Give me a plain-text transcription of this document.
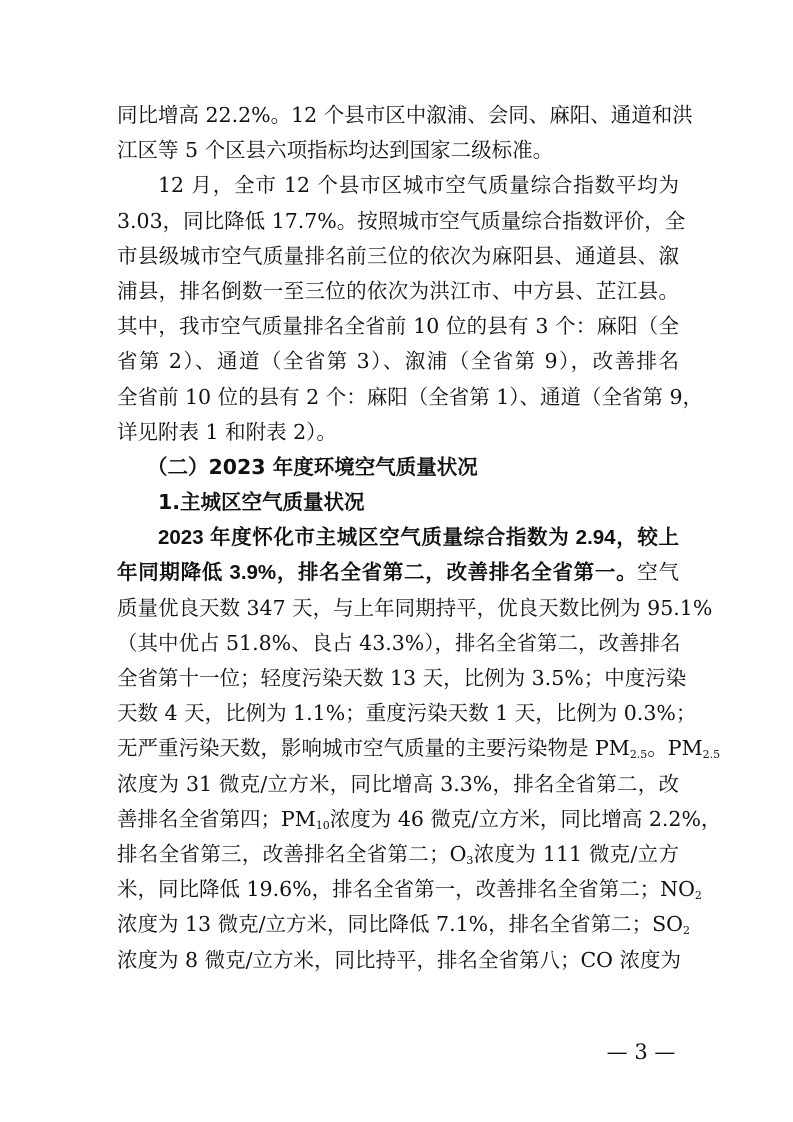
同比增高 22.2%。12 个县市区中溆浦、会同、麻阳、通道和洪
江区等 5 个区县六项指标均达到国家二级标准。
12 月，全市 12 个县市区城市空气质量综合指数平均为
3.03，同比降低 17.7%。按照城市空气质量综合指数评价，全
市县级城市空气质量排名前三位的依次为麻阳县、通道县、溆
浦县，排名倒数一至三位的依次为洪江市、中方县、芷江县。
其中，我市空气质量排名全省前 10 位的县有 3 个：麻阳（全
省第 2）、通道（全省第 3）、溆浦（全省第 9），改善排名
全省前 10 位的县有 2 个：麻阳（全省第 1）、通道（全省第 9，
详见附表 1 和附表 2）。
（二）2023 年度环境空气质量状况
1.主城区空气质量状况
2023 年度怀化市主城区空气质量综合指数为 2.94，较上
年同期降低 3.9%，排名全省第二，改善排名全省第一。空气
质量优良天数 347 天，与上年同期持平，优良天数比例为 95.1%
（其中优占 51.8%、良占 43.3%），排名全省第二，改善排名
全省第十一位；轻度污染天数 13 天，比例为 3.5%；中度污染
天数 4 天，比例为 1.1%；重度污染天数 1 天，比例为 0.3%；
无严重污染天数，影响城市空气质量的主要污染物是 $PM_{2.5}$。$PM_{2.5}$
浓度为 31 微克/立方米，同比增高 3.3%，排名全省第二，改
善排名全省第四；$PM_{10}$浓度为 46 微克/立方米，同比增高 2.2%，
排名全省第三，改善排名全省第二；$O_3$浓度为 111 微克/立方
米，同比降低 19.6%，排名全省第一，改善排名全省第二；$NO_2$
浓度为 13 微克/立方米，同比降低 7.1%，排名全省第二；$SO_2$
浓度为 8 微克/立方米，同比持平，排名全省第八；CO 浓度为
— 3 —
